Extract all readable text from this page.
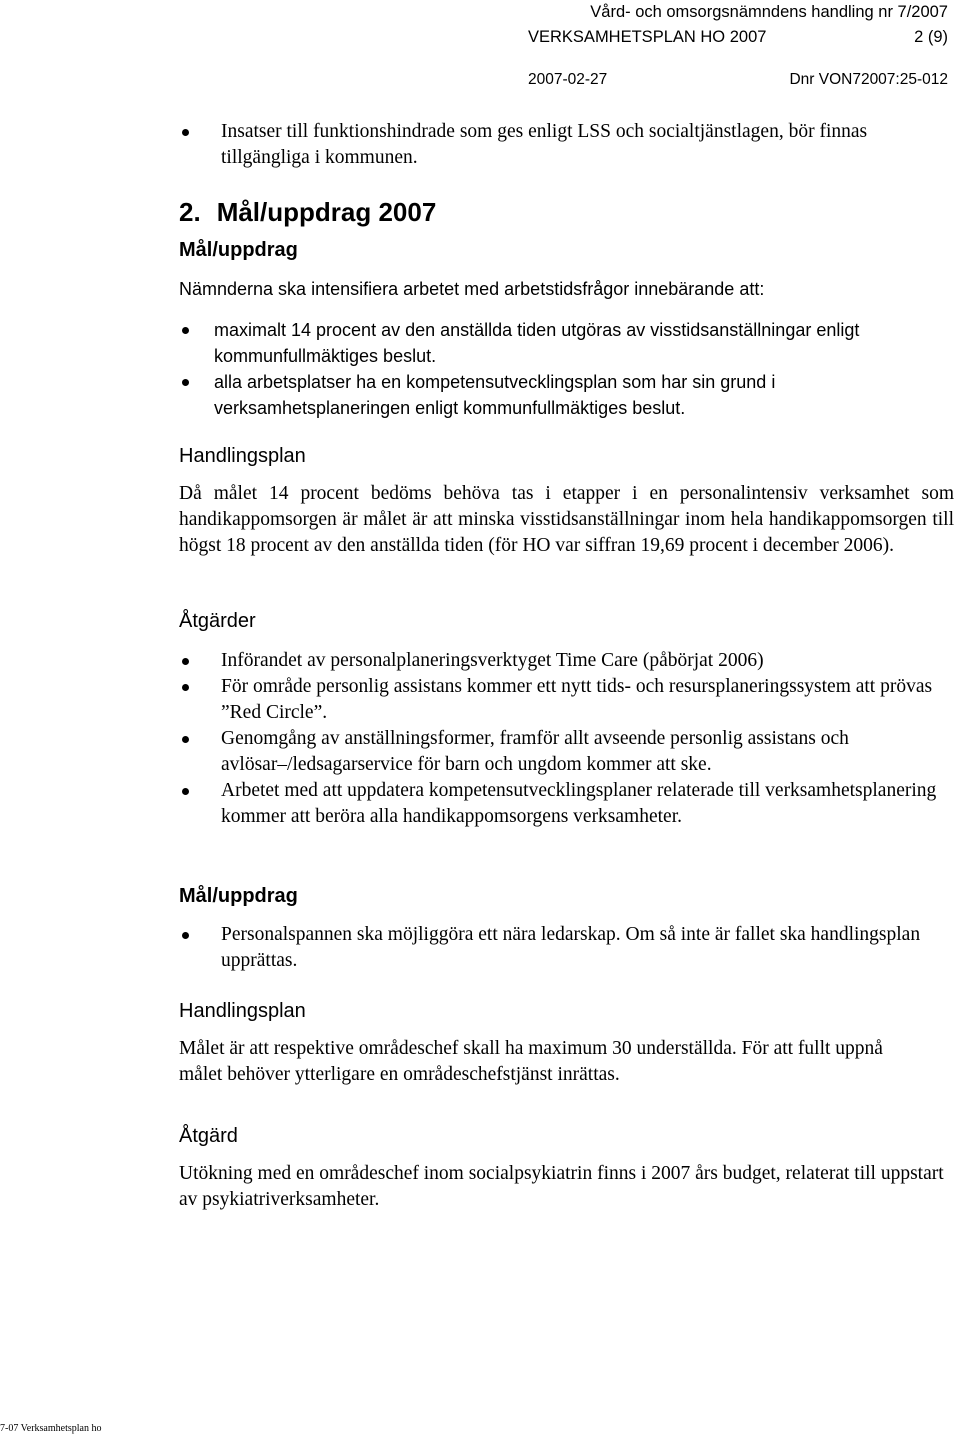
Vård- och omsorgsnämndens handling nr 7/2007
VERKSAMHETSPLAN HO 2007	2 (9)
2007-02-27	Dnr VON72007:25-012
Insatser till funktionshindrade som ges enligt LSS och socialtjänstlagen, bör finnas tillgängliga i kommunen.
2. Mål/uppdrag 2007
Mål/uppdrag
Nämnderna ska intensifiera arbetet med arbetstidsfrågor innebärande att:
maximalt 14 procent av den anställda tiden utgöras av visstidsanställningar enligt kommunfullmäktiges beslut.
alla arbetsplatser ha en kompetensutvecklingsplan som har sin grund i verksamhetsplaneringen enligt kommunfullmäktiges beslut.
Handlingsplan
Då målet 14 procent bedöms behöva tas i etapper i en personalintensiv verksamhet som handikappomsorgen är målet är att minska visstidsanställningar inom hela handikappomsorgen till högst 18 procent av den anställda tiden (för HO var siffran 19,69 procent i december 2006).
Åtgärder
Införandet av personalplaneringsverktyget Time Care (påbörjat 2006)
För område personlig assistans kommer ett nytt tids- och resursplaneringssystem att prövas ”Red Circle”.
Genomgång av anställningsformer, framför allt avseende personlig assistans och avlösar–/ledsagarservice för barn och ungdom kommer att ske.
Arbetet med att uppdatera kompetensutvecklingsplaner relaterade till verksamhetsplanering kommer att beröra alla handikappomsorgens verksamheter.
Mål/uppdrag
Personalspannen ska möjliggöra ett nära ledarskap. Om så inte är fallet ska handlingsplan upprättas.
Handlingsplan
Målet är att respektive områdeschef skall ha maximum 30 underställda. För att fullt uppnå målet behöver ytterligare en områdeschefstjänst inrättas.
Åtgärd
Utökning med en områdeschef inom socialpsykiatrin finns i 2007 års budget, relaterat till uppstart av psykiatriverksamheter.
7-07 Verksamhetsplan ho
